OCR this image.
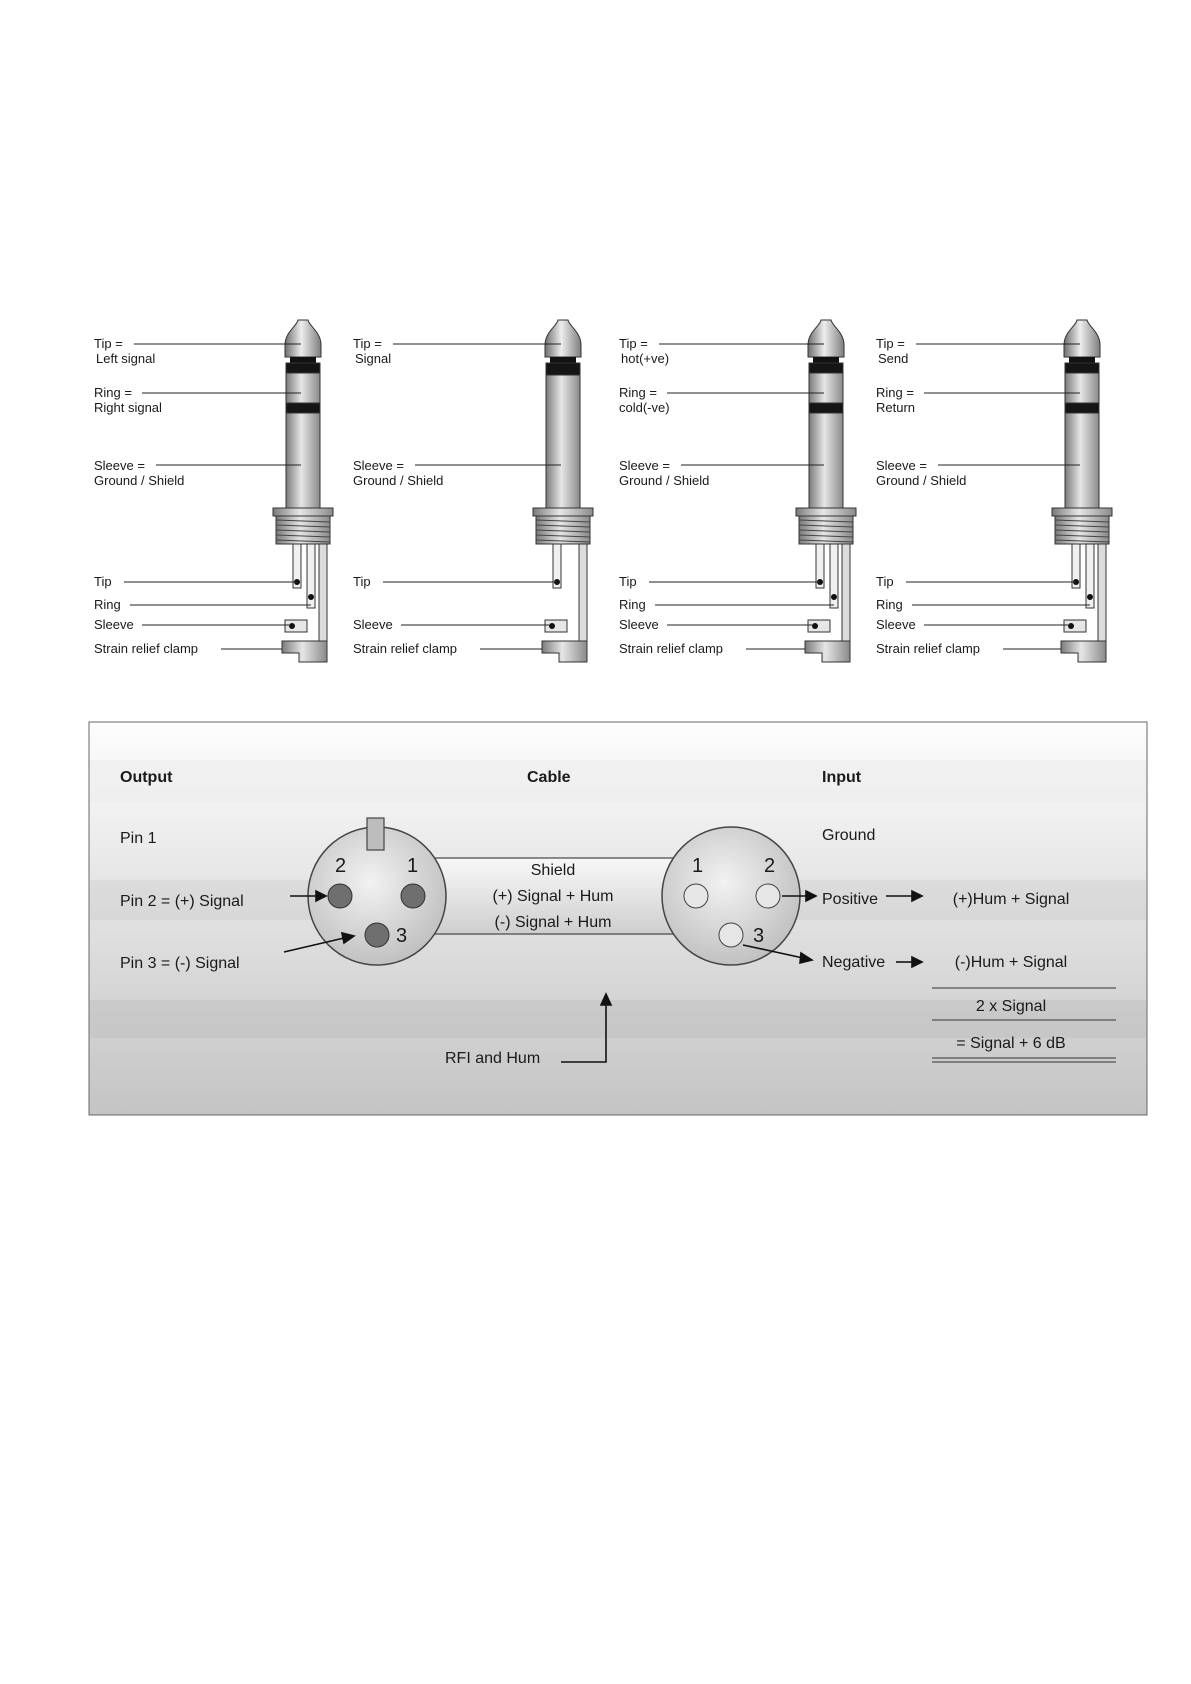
Tip =
Left signal
Ring =
Right signal
Sleeve =
Ground / Shield
Tip
Ring
Sleeve
Strain relief clamp
Tip =
Signal
Sleeve =
Ground / Shield
Tip
Sleeve
Strain relief clamp
Tip =
hot(+ve)
Ring =
cold(-ve)
Sleeve =
Ground / Shield
Tip
Ring
Sleeve
Strain relief clamp
Tip =
Send
Ring =
Return
Sleeve =
Ground / Shield
Tip
Ring
Sleeve
Strain relief clamp
Output	Cable	Input
Pin 1
Pin 2 = (+) Signal
Pin 3 = (-) Signal
Shield
(+) Signal + Hum
(-) Signal + Hum
2	1
3
1	2
3
Ground
Positive
Negative
(+)Hum + Signal
(-)Hum + Signal
2 x Signal
= Signal + 6 dB
RFI and Hum
